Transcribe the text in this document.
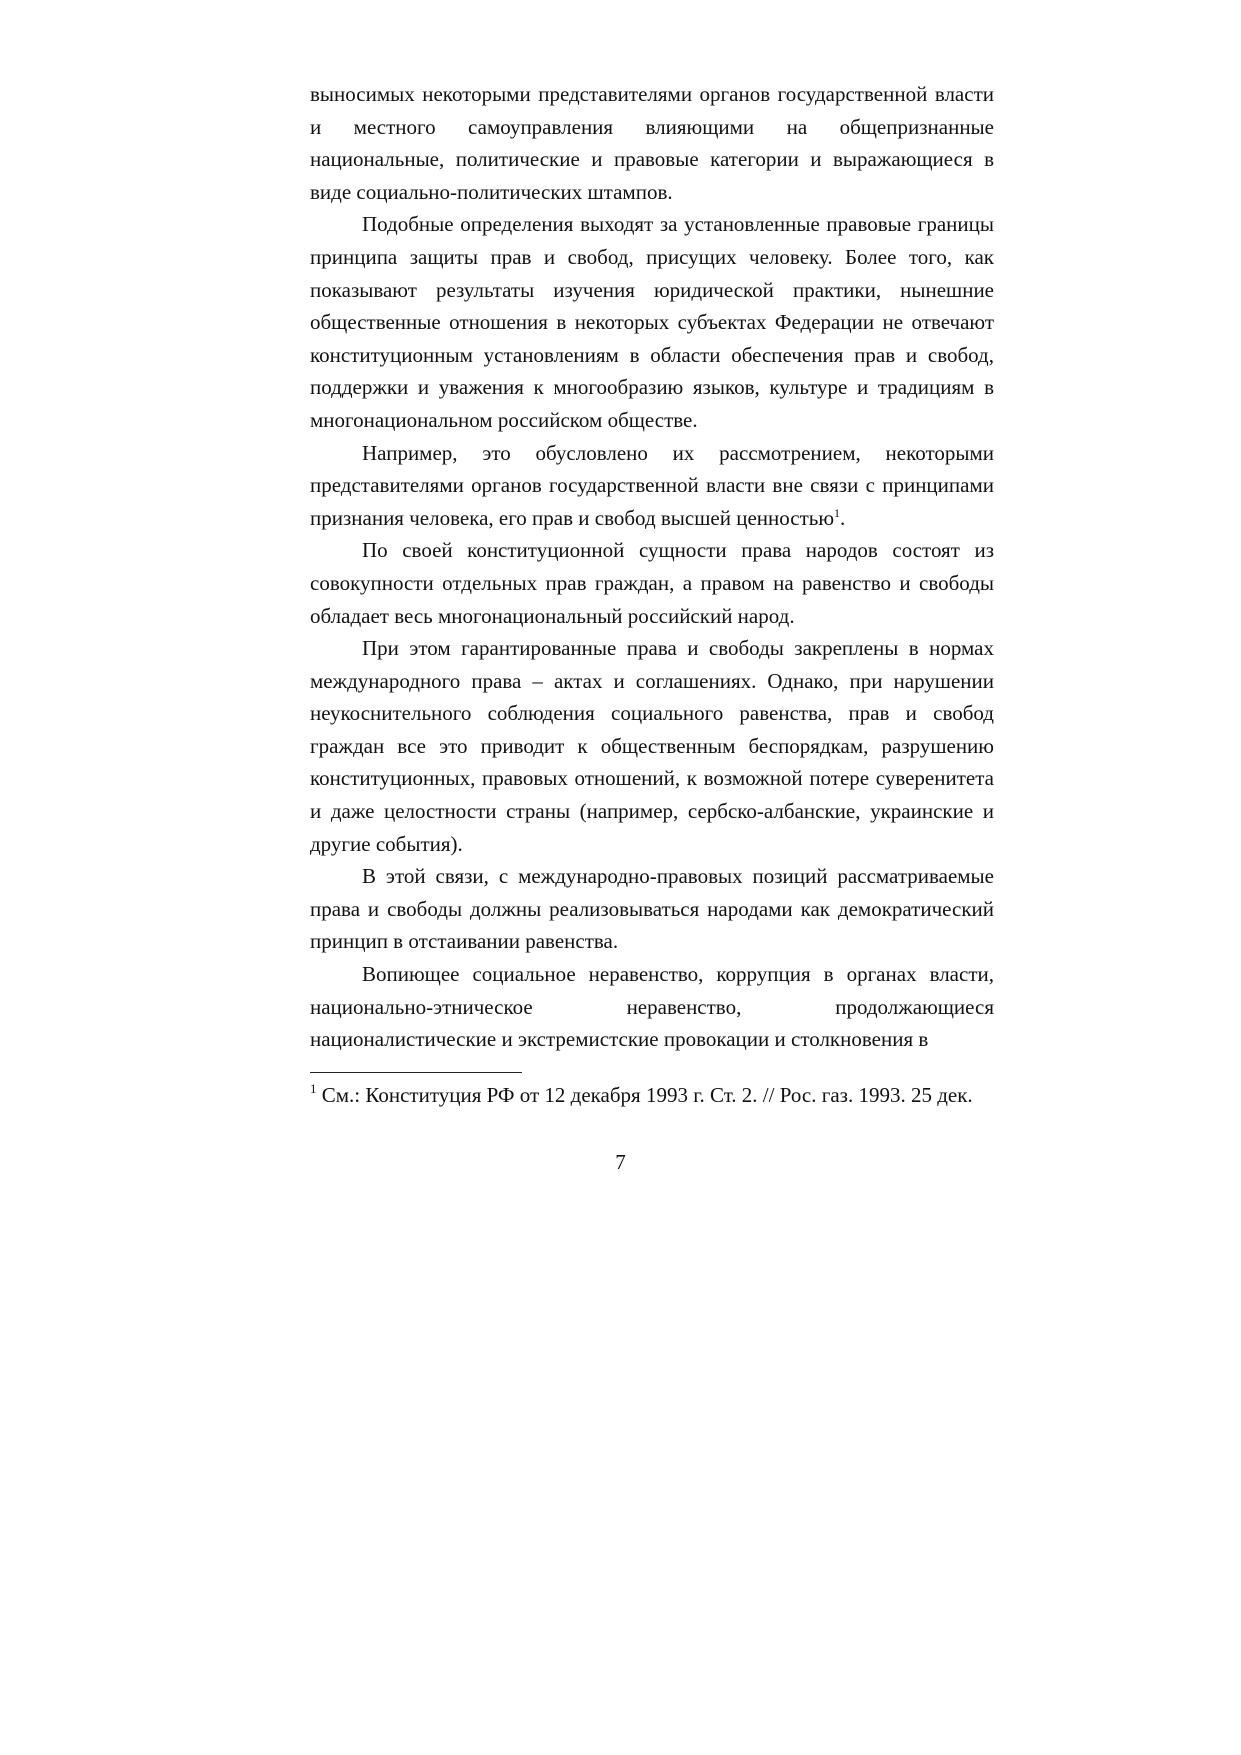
выносимых некоторыми представителями органов государственной власти и местного самоуправления влияющими на общепризнанные национальные, политические и правовые категории и выражающиеся в виде социально-политических штампов.

Подобные определения выходят за установленные правовые границы принципа защиты прав и свобод, присущих человеку. Более того, как показывают результаты изучения юридической практики, нынешние общественные отношения в некоторых субъектах Федерации не отвечают конституционным установлениям в области обеспечения прав и свобод, поддержки и уважения к многообразию языков, культуре и традициям в многонациональном российском обществе.

Например, это обусловлено их рассмотрением, некоторыми представителями органов государственной власти вне связи с принципами признания человека, его прав и свобод высшей ценностью$^1$.

По своей конституционной сущности права народов состоят из совокупности отдельных прав граждан, а правом на равенство и свободы обладает весь многонациональный российский народ.

При этом гарантированные права и свободы закреплены в нормах международного права – актах и соглашениях. Однако, при нарушении неукоснительного соблюдения социального равенства, прав и свобод граждан все это приводит к общественным беспорядкам, разрушению конституционных, правовых отношений, к возможной потере суверенитета и даже целостности страны (например, сербско-албанские, украинские и другие события).

В этой связи, с международно-правовых позиций рассматриваемые права и свободы должны реализовываться народами как демократический принцип в отстаивании равенства.

Вопиющее социальное неравенство, коррупция в органах власти, национально-этническое неравенство, продолжающиеся националистические и экстремистские провокации и столкновения в

$^1$ См.: Конституция РФ от 12 декабря 1993 г. Ст. 2. // Рос. газ. 1993. 25 дек.
7
